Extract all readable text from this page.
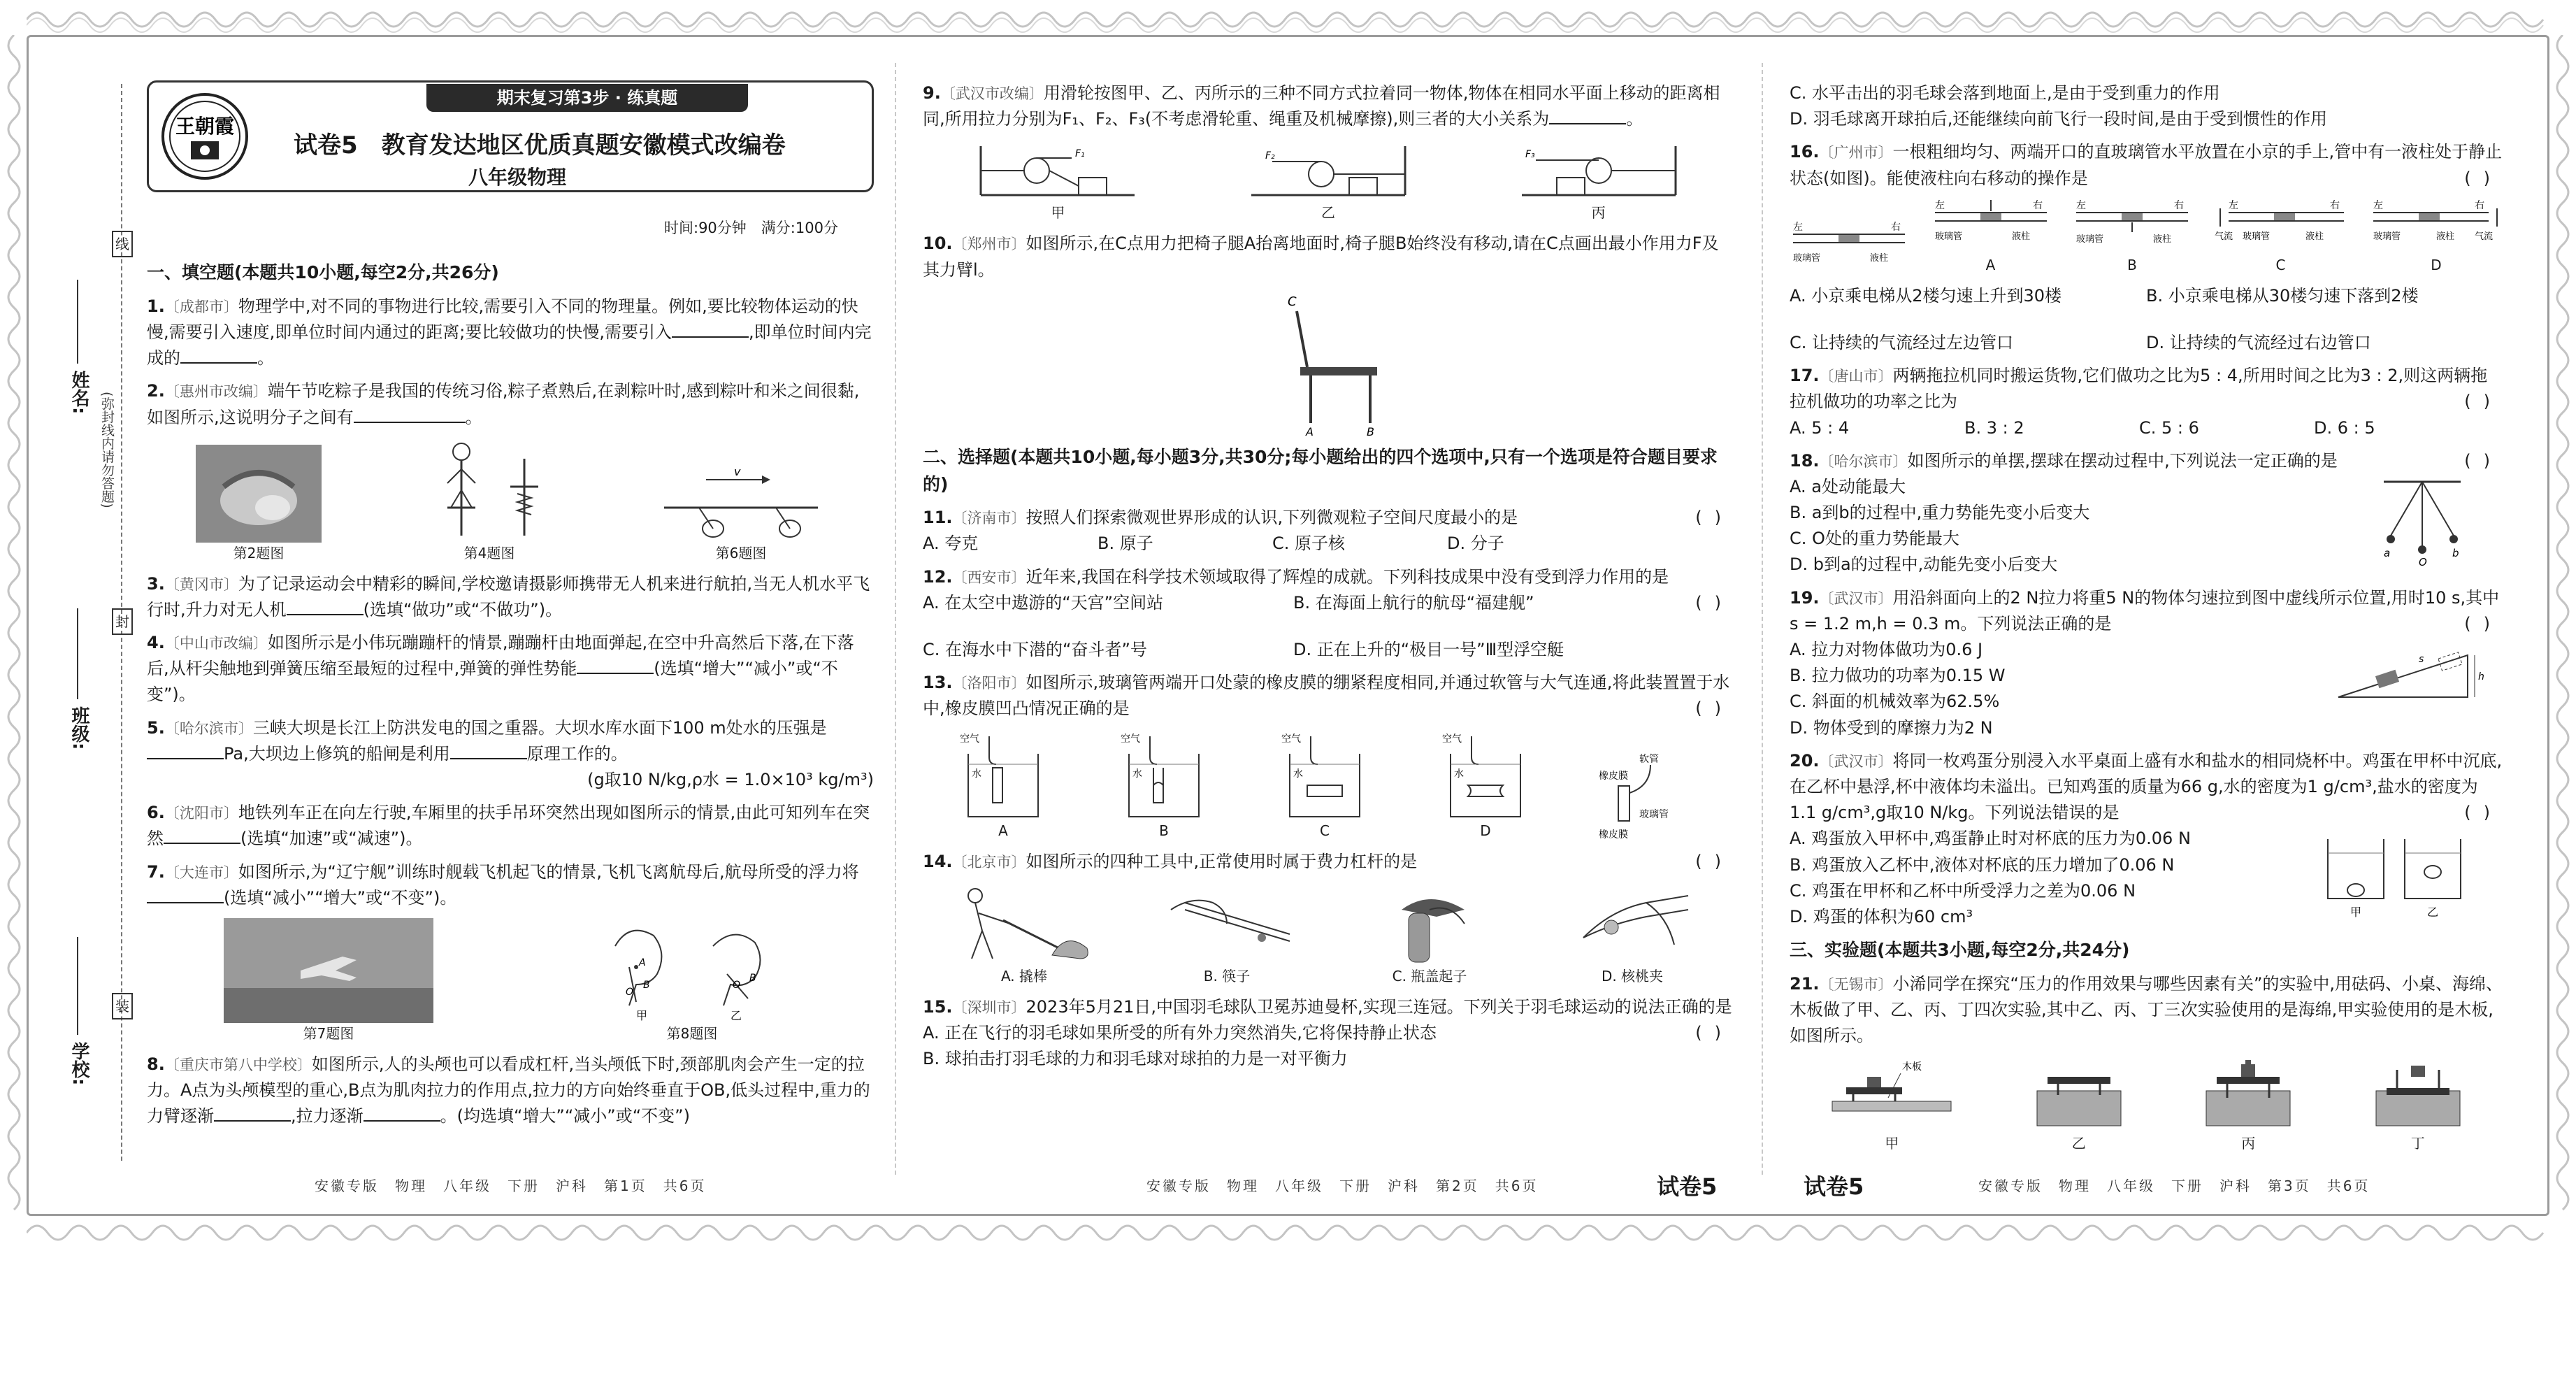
线
封
装
(弥封线内请勿答题)
姓名:
班级:
学校:
期末复习第3步 · 练真题
王朝霞
试卷5　教育发达地区优质真题安徽模式改编卷
八年级物理
时间:90分钟　满分:100分
一、填空题(本题共10小题,每空2分,共26分)
1.〔成都市〕物理学中,对不同的事物进行比较,需要引入不同的物理量。例如,要比较物体运动的快慢,需要引入速度,即单位时间内通过的距离;要比较做功的快慢,需要引入	,即单位时间内完成的	。
2.〔惠州市改编〕端午节吃粽子是我国的传统习俗,粽子煮熟后,在剥粽叶时,感到粽叶和米之间很黏,如图所示,这说明分子之间有	。
第2题图	第4题图
v
第6题图
3.〔黄冈市〕为了记录运动会中精彩的瞬间,学校邀请摄影师携带无人机来进行航拍,当无人机水平飞行时,升力对无人机	(选填“做功”或“不做功”)。
4.〔中山市改编〕如图所示是小伟玩蹦蹦杆的情景,蹦蹦杆由地面弹起,在空中升高然后下落,在下落后,从杆尖触地到弹簧压缩至最短的过程中,弹簧的弹性势能	(选填“增大”“减小”或“不变”)。
5.〔哈尔滨市〕三峡大坝是长江上防洪发电的国之重器。大坝水库水面下100 m处水的压强是Pa,大坝边上修筑的船闸是利用	原理工作的。
(g取10 N/kg,ρ水 = 1.0×10³ kg/m³)
6.〔沈阳市〕地铁列车正在向左行驶,车厢里的扶手吊环突然出现如图所示的情景,由此可知列车在突然	(选填“加速”或“减速”)。
7.〔大连市〕如图所示,为“辽宁舰”训练时舰载飞机起飞的情景,飞机飞离航母后,航母所受的浮力将(选填“减小”“增大”或“不变”)。
第7题图
A
O
B
甲
O
B
乙
第8题图
8.〔重庆市第八中学校〕如图所示,人的头颅也可以看成杠杆,当头颅低下时,颈部肌肉会产生一定的拉力。A点为头颅模型的重心,B点为肌肉拉力的作用点,拉力的方向始终垂直于OB,低头过程中,重力的力臂逐渐	,拉力逐渐	。(均选填“增大”“减小”或“不变”)
9.〔武汉市改编〕用滑轮按图甲、乙、丙所示的三种不同方式拉着同一物体,物体在相同水平面上移动的距离相同,所用拉力分别为F₁、F₂、F₃(不考虑滑轮重、绳重及机械摩擦),则三者的大小关系为	。
F₁
甲
F₂
乙
F₃
丙
10.〔郑州市〕如图所示,在C点用力把椅子腿A抬离地面时,椅子腿B始终没有移动,请在C点画出最小作用力F及其力臂l。
C
A	B
二、选择题(本题共10小题,每小题3分,共30分;每小题给出的四个选项中,只有一个选项是符合题目要求的)
11.〔济南市〕按照人们探索微观世界形成的认识,下列微观粒子空间尺度最小的是	()
A. 夸克	B. 原子	C. 原子核	D. 分子
12.〔西安市〕近年来,我国在科学技术领域取得了辉煌的成就。下列科技成果中没有受到浮力作用的是
()
A. 在太空中遨游的“天宫”空间站	B. 在海面上航行的航母“福建舰”
C. 在海水中下潜的“奋斗者”号	D. 正在上升的“极目一号”Ⅲ型浮空艇
13.〔洛阳市〕如图所示,玻璃管两端开口处蒙的橡皮膜的绷紧程度相同,并通过软管与大气连通,将此装置置于水中,橡皮膜凹凸情况正确的是	()
空气
水
A
空气
水
B
空气
水
C
空气
水
D
软管
橡皮膜
玻璃管
橡皮膜
14.〔北京市〕如图所示的四种工具中,正常使用时属于费力杠杆的是	()
A. 撬棒	B. 筷子	C. 瓶盖起子	D. 核桃夹
15.〔深圳市〕2023年5月21日,中国羽毛球队卫冕苏迪曼杯,实现三连冠。下列关于羽毛球运动的说法正确的是
()
A. 正在飞行的羽毛球如果所受的所有外力突然消失,它将保持静止状态
B. 球拍击打羽毛球的力和羽毛球对球拍的力是一对平衡力
C. 水平击出的羽毛球会落到地面上,是由于受到重力的作用
D. 羽毛球离开球拍后,还能继续向前飞行一段时间,是由于受到惯性的作用
16.〔广州市〕一根粗细均匀、两端开口的直玻璃管水平放置在小京的手上,管中有一液柱处于静止状态(如图)。能使液柱向右移动的操作是	()
左	右
玻璃管	液柱
左	右
玻璃管	液柱
A
左	右
玻璃管	液柱
B
左	右
气流 玻璃管	液柱
C
左	右
玻璃管	液柱 气流
D
A. 小京乘电梯从2楼匀速上升到30楼	B. 小京乘电梯从30楼匀速下落到2楼
C. 让持续的气流经过左边管口	D. 让持续的气流经过右边管口
17.〔唐山市〕两辆拖拉机同时搬运货物,它们做功之比为5 : 4,所用时间之比为3 : 2,则这两辆拖拉机做功的功率之比为	()
A. 5 : 4	B. 3 : 2	C. 5 : 6	D. 6 : 5
18.〔哈尔滨市〕如图所示的单摆,摆球在摆动过程中,下列说法一定正确的是	()
A. a处动能最大
B. a到b的过程中,重力势能先变小后变大
C. O处的重力势能最大
D. b到a的过程中,动能先变小后变大
a
O
b
19.〔武汉市〕用沿斜面向上的2 N拉力将重5 N的物体匀速拉到图中虚线所示位置,用时10 s,其中s = 1.2 m,h = 0.3 m。下列说法正确的是	()
A. 拉力对物体做功为0.6 J
B. 拉力做功的功率为0.15 W
C. 斜面的机械效率为62.5%
D. 物体受到的摩擦力为2 N
s
h
20.〔武汉市〕将同一枚鸡蛋分别浸入水平桌面上盛有水和盐水的相同烧杯中。鸡蛋在甲杯中沉底,在乙杯中悬浮,杯中液体均未溢出。已知鸡蛋的质量为66 g,水的密度为1 g/cm³,盐水的密度为1.1 g/cm³,g取10 N/kg。下列说法错误的是	()
A. 鸡蛋放入甲杯中,鸡蛋静止时对杯底的压力为0.06 N
B. 鸡蛋放入乙杯中,液体对杯底的压力增加了0.06 N
C. 鸡蛋在甲杯和乙杯中所受浮力之差为0.06 N
D. 鸡蛋的体积为60 cm³	甲	乙
三、实验题(本题共3小题,每空2分,共24分)
21.〔无锡市〕小浠同学在探究“压力的作用效果与哪些因素有关”的实验中,用砝码、小桌、海绵、木板做了甲、乙、丙、丁四次实验,其中乙、丙、丁三次实验使用的是海绵,甲实验使用的是木板,如图所示。
木板
甲	乙	丙	丁
安徽专版　物理　八年级　下册　沪科　第1页　共6页	安徽专版　物理　八年级　下册　沪科　第2页　共6页	试卷5	试卷5	安徽专版　物理　八年级　下册　沪科　第3页　共6页
